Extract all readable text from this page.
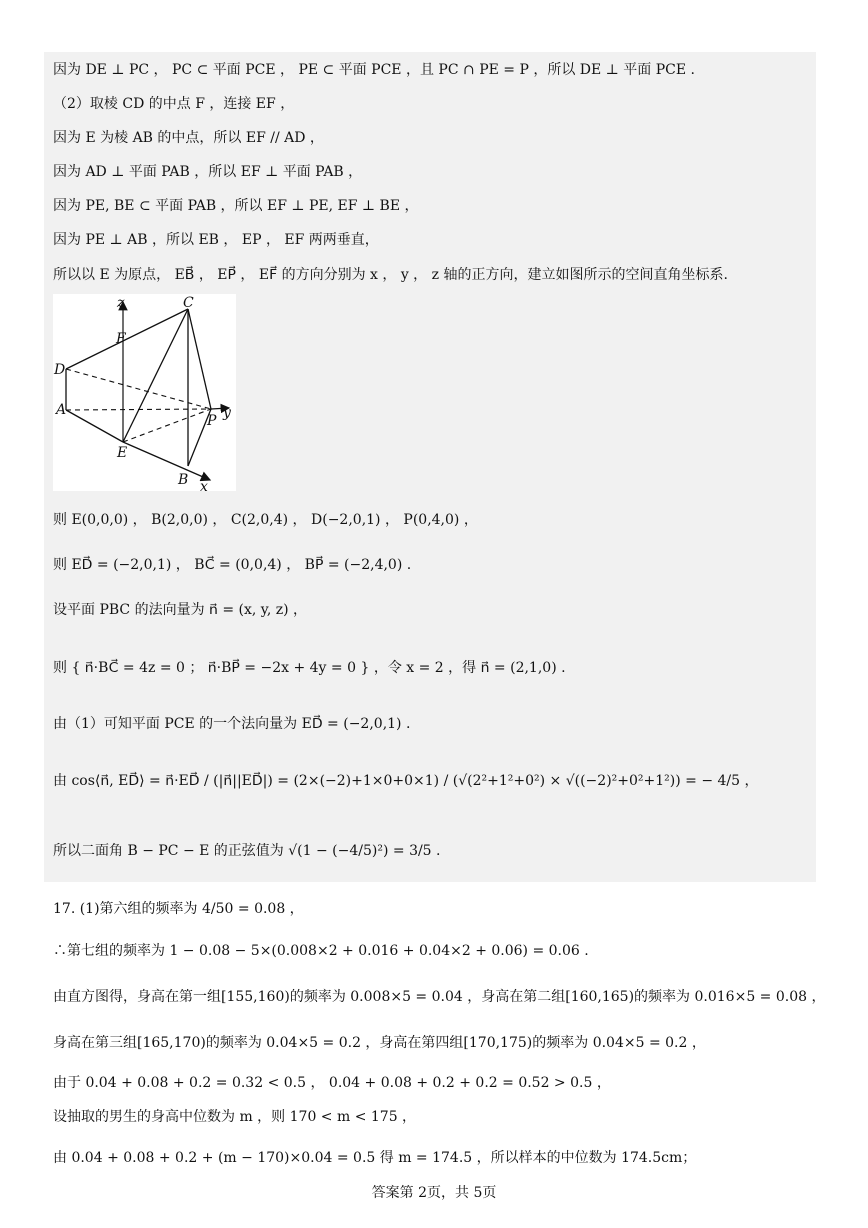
因为 DE ⊥ PC ， PC ⊂ 平面 PCE ， PE ⊂ 平面 PCE ，且 PC ∩ PE = P ，所以 DE ⊥ 平面 PCE .
（2）取棱 CD 的中点 F ，连接 EF ，
因为 E 为棱 AB 的中点，所以 EF // AD ，
因为 AD ⊥ 平面 PAB ，所以 EF ⊥ 平面 PAB ，
因为 PE, BE ⊂ 平面 PAB ，所以 EF ⊥ PE, EF ⊥ BE ，
因为 PE ⊥ AB ，所以 EB ， EP ， EF 两两垂直，
所以以 E 为原点， EB⃗ ， EP⃗ ， EF⃗ 的方向分别为 x ， y ， z 轴的正方向，建立如图所示的空间直角坐标系.
z	C
F
D
A
E
P y
B x
则 E(0,0,0) ， B(2,0,0) ， C(2,0,4) ， D(−2,0,1) ， P(0,4,0) ，
则 ED⃗ = (−2,0,1) ， BC⃗ = (0,0,4) ， BP⃗ = (−2,4,0) .
设平面 PBC 的法向量为 n⃗ = (x, y, z) ，
则 { n⃗·BC⃗ = 4z = 0 ； n⃗·BP⃗ = −2x + 4y = 0 } ，令 x = 2 ，得 n⃗ = (2,1,0) .
由（1）可知平面 PCE 的一个法向量为 ED⃗ = (−2,0,1) .
由 cos⟨n⃗, ED⃗⟩ = n⃗·ED⃗ / (|n⃗||ED⃗|) = (2×(−2)+1×0+0×1) / (√(2²+1²+0²) × √((−2)²+0²+1²)) = − 4/5 ，
所以二面角 B − PC − E 的正弦值为 √(1 − (−4/5)²) = 3/5 .
17. (1)第六组的频率为 4/50 = 0.08 ，
∴第七组的频率为 1 − 0.08 − 5×(0.008×2 + 0.016 + 0.04×2 + 0.06) = 0.06 .
由直方图得，身高在第一组[155,160)的频率为 0.008×5 = 0.04 ，身高在第二组[160,165)的频率为 0.016×5 = 0.08 ，
身高在第三组[165,170)的频率为 0.04×5 = 0.2 ，身高在第四组[170,175)的频率为 0.04×5 = 0.2 ，
由于 0.04 + 0.08 + 0.2 = 0.32 < 0.5 ， 0.04 + 0.08 + 0.2 + 0.2 = 0.52 > 0.5 ，
设抽取的男生的身高中位数为 m ，则 170 < m < 175 ，
由 0.04 + 0.08 + 0.2 + (m − 170)×0.04 = 0.5 得 m = 174.5 ，所以样本的中位数为 174.5cm；
答案第 2页，共 5页
